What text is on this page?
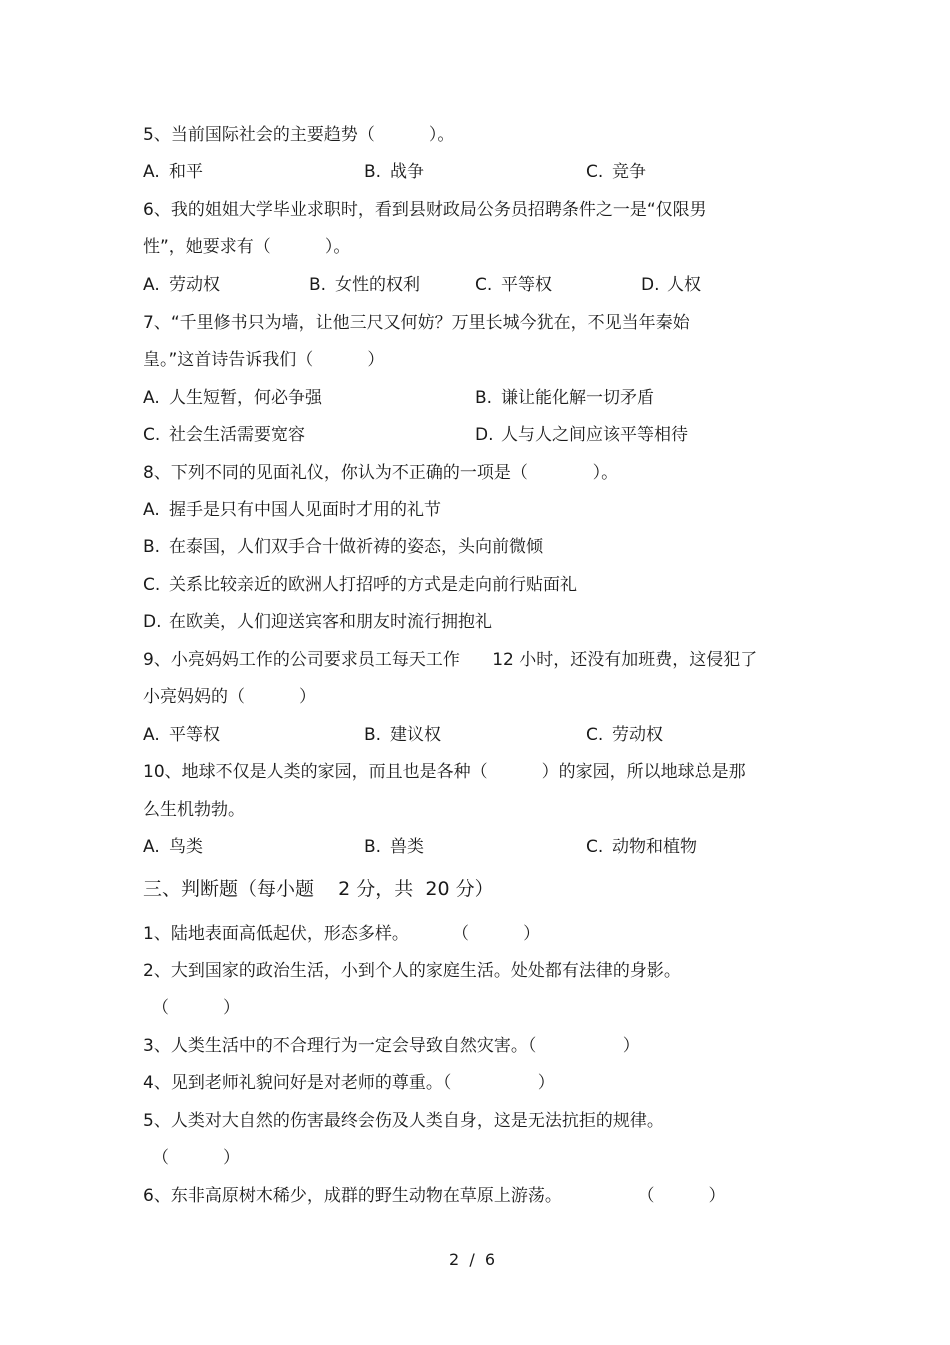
5、当前国际社会的主要趋势（          ）。
A. 和平	B. 战争	C. 竞争
6、我的姐姐大学毕业求职时，看到县财政局公务员招聘条件之一是“仅限男
性”，她要求有（          ）。
A. 劳动权	B. 女性的权利	C. 平等权	D. 人权
7、“千里修书只为墙，让他三尺又何妨？万里长城今犹在，不见当年秦始
皇。”这首诗告诉我们（          ）
A. 人生短暂，何必争强	B. 谦让能化解一切矛盾
C. 社会生活需要宽容	D. 人与人之间应该平等相待
8、下列不同的见面礼仪，你认为不正确的一项是（            ）。
A. 握手是只有中国人见面时才用的礼节
B. 在泰国，人们双手合十做祈祷的姿态，头向前微倾
C. 关系比较亲近的欧洲人打招呼的方式是走向前行贴面礼
D. 在欧美，人们迎送宾客和朋友时流行拥抱礼
9、小亮妈妈工作的公司要求员工每天工作      12 小时，还没有加班费，这侵犯了
小亮妈妈的（          ）
A. 平等权	B. 建议权	C. 劳动权
10、地球不仅是人类的家园，而且也是各种（          ）的家园，所以地球总是那
么生机勃勃。
A. 鸟类	B. 兽类	C. 动物和植物
三、判断题（每小题    2 分，共  20 分）
1、陆地表面高低起伏，形态多样。        （          ）
2、大到国家的政治生活，小到个人的家庭生活。处处都有法律的身影。
（          ）
3、人类生活中的不合理行为一定会导致自然灾害。（                ）
4、见到老师礼貌问好是对老师的尊重。（                ）
5、人类对大自然的伤害最终会伤及人类自身，这是无法抗拒的规律。
（          ）
6、东非高原树木稀少，成群的野生动物在草原上游荡。              （          ）
2  /  6
